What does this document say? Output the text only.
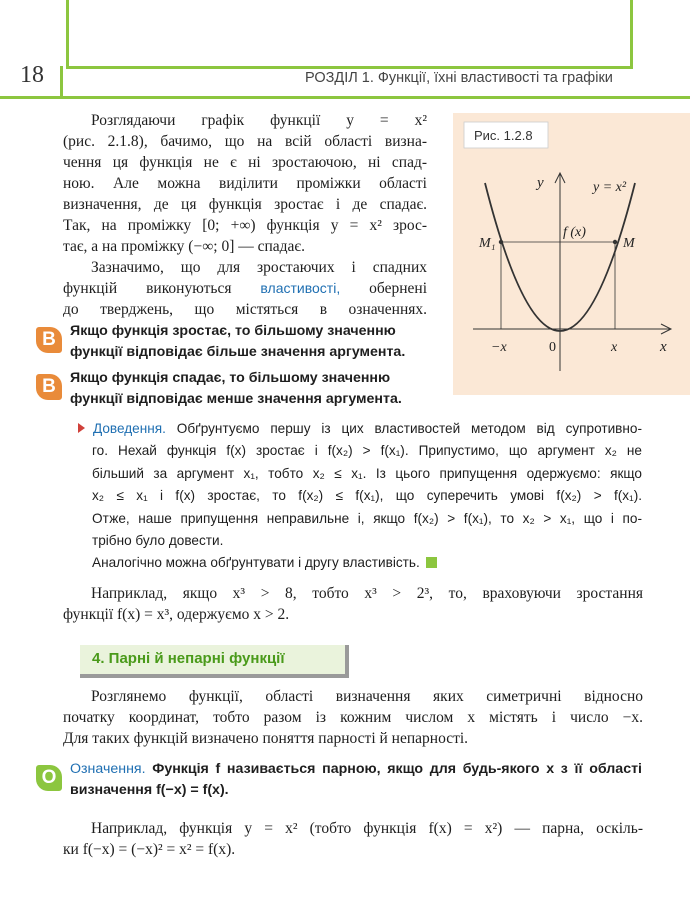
18	РОЗДІЛ 1. Функції, їхні властивості та графіки
Розглядаючи графік функції y = x²
(рис. 2.1.8), бачимо, що на всій області визна-
чення ця функція не є ні зростаючою, ні спад-
ною. Але можна виділити проміжки області
визначення, де ця функція зростає і де спадає.
Так, на проміжку [0; +∞) функція y = x² зрос-
тає, а на проміжку (−∞; 0] — спадає.
Зазначимо, що для зростаючих і спадних
функцій виконуються властивості, обернені
до тверджень, що містяться в означеннях.
Рис. 1.2.8
y	y = x²
f (x)
M₁	M
−x	0	x	x
В Якщо функція зростає, то більшому значенню
функції відповідає більше значення аргумента.
В Якщо функція спадає, то більшому значенню
функції відповідає менше значення аргумента.
Доведення. Обґрунтуємо першу із цих властивостей методом від супротивно-
го. Нехай функція f(x) зростає і f(x₂) > f(x₁). Припустимо, що аргумент x₂ не
більший за аргумент x₁, тобто x₂ ≤ x₁. Із цього припущення одержуємо: якщо
x₂ ≤ x₁ і f(x) зростає, то f(x₂) ≤ f(x₁), що суперечить умові f(x₂) > f(x₁).
Отже, наше припущення неправильне і, якщо f(x₂) > f(x₁), то x₂ > x₁, що і по-
трібно було довести.
Аналогічно можна обґрунтувати і другу властивість.
Наприклад, якщо x³ > 8, тобто x³ > 2³, то, враховуючи зростання
функції f(x) = x³, одержуємо x > 2.
4. Парні й непарні функції
Розглянемо функції, області визначення яких симетричні відносно
початку координат, тобто разом із кожним числом x містять і число −x.
Для таких функцій визначено поняття парності й непарності.
О Означення. Функція f називається парною, якщо для будь-якого x з її області
визначення f(−x) = f(x).
Наприклад, функція y = x² (тобто функція f(x) = x²) — парна, оскіль-
ки f(−x) = (−x)² = x² = f(x).
